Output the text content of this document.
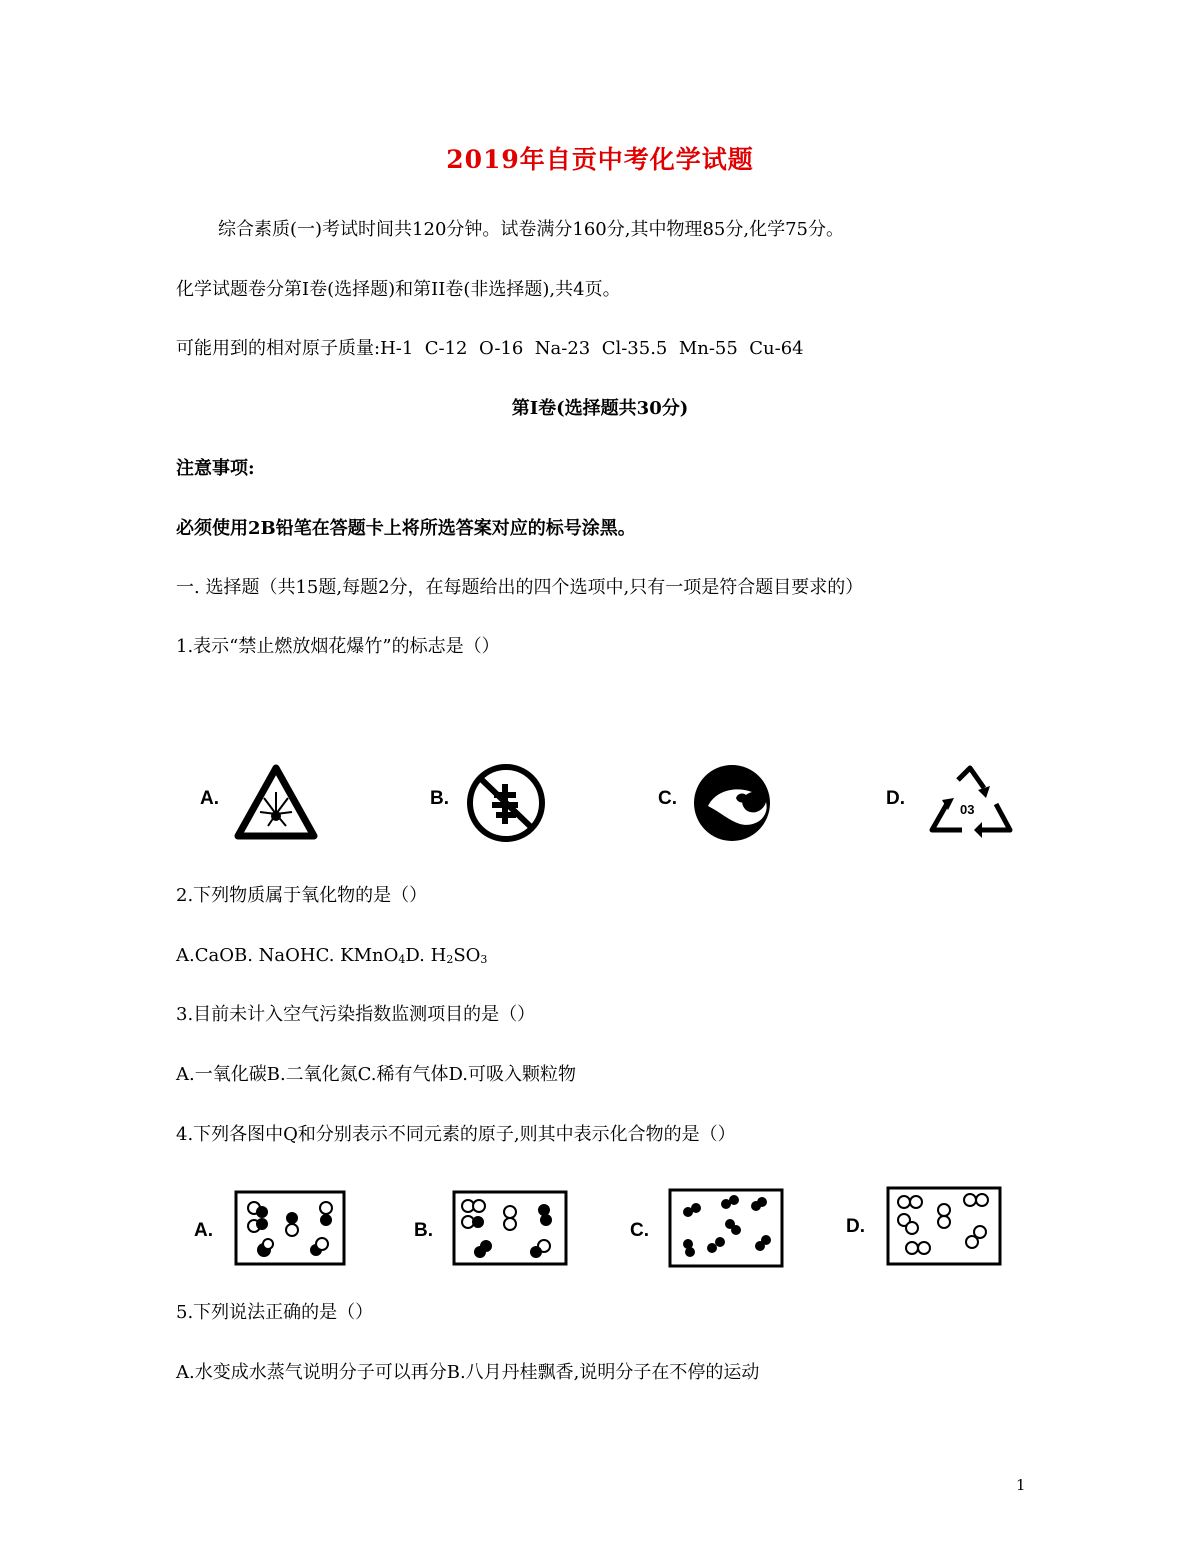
2019年自贡中考化学试题
综合素质(一)考试时间共120分钟。试卷满分160分,其中物理85分,化学75分。
化学试题卷分第I卷(选择题)和第II卷(非选择题),共4页。
可能用到的相对原子质量:H-1  C-12  O-16  Na-23  Cl-35.5  Mn-55  Cu-64
第I卷(选择题共30分)
注意事项:
必须使用2B铅笔在答题卡上将所选答案对应的标号涂黑。
一. 选择题（共15题,每题2分，在每题给出的四个选项中,只有一项是符合题目要求的）
1.表示“禁止燃放烟花爆竹”的标志是（）
A.	B.	C.	D.
03
2.下列物质属于氧化物的是（）
A.CaOB. NaOHC. KMnO4D. H2SO3
3.目前未计入空气污染指数监测项目的是（）
A.一氧化碳B.二氧化氮C.稀有气体D.可吸入颗粒物
4.下列各图中Q和分别表示不同元素的原子,则其中表示化合物的是（）
A.	B.	C.	D.
5.下列说法正确的是（）
A.水变成水蒸气说明分子可以再分B.八月丹桂飘香,说明分子在不停的运动
1
